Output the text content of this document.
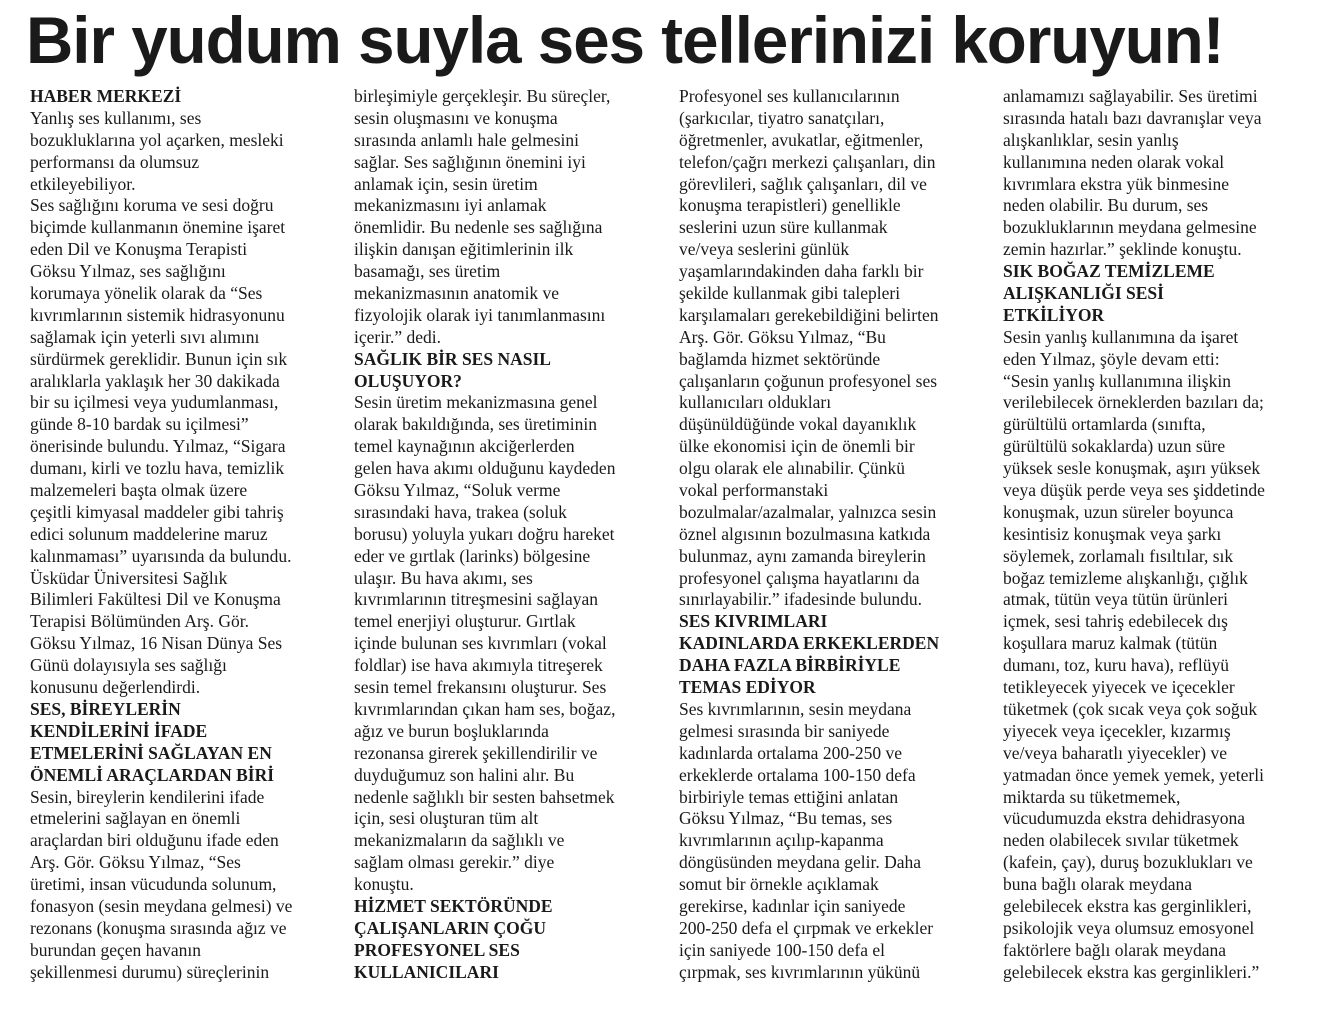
Bir yudum suyla ses tellerinizi koruyun!
HABER MERKEZİ
Yanlış ses kullanımı, ses
bozukluklarına yol açarken, mesleki
performansı da olumsuz
etkileyebiliyor.
Ses sağlığını koruma ve sesi doğru
biçimde kullanmanın önemine işaret
eden Dil ve Konuşma Terapisti
Göksu Yılmaz, ses sağlığını
korumaya yönelik olarak da “Ses
kıvrımlarının sistemik hidrasyonunu
sağlamak için yeterli sıvı alımını
sürdürmek gereklidir. Bunun için sık
aralıklarla yaklaşık her 30 dakikada
bir su içilmesi veya yudumlanması,
günde 8-10 bardak su içilmesi”
önerisinde bulundu. Yılmaz, “Sigara
dumanı, kirli ve tozlu hava, temizlik
malzemeleri başta olmak üzere
çeşitli kimyasal maddeler gibi tahriş
edici solunum maddelerine maruz
kalınmaması” uyarısında da bulundu.
Üsküdar Üniversitesi Sağlık
Bilimleri Fakültesi Dil ve Konuşma
Terapisi Bölümünden Arş. Gör.
Göksu Yılmaz, 16 Nisan Dünya Ses
Günü dolayısıyla ses sağlığı
konusunu değerlendirdi.
SES, BİREYLERİN
KENDİLERİNİ İFADE
ETMELERİNİ SAĞLAYAN EN
ÖNEMLİ ARAÇLARDAN BİRİ
Sesin, bireylerin kendilerini ifade
etmelerini sağlayan en önemli
araçlardan biri olduğunu ifade eden
Arş. Gör. Göksu Yılmaz, “Ses
üretimi, insan vücudunda solunum,
fonasyon (sesin meydana gelmesi) ve
rezonans (konuşma sırasında ağız ve
burundan geçen havanın
şekillenmesi durumu) süreçlerinin
birleşimiyle gerçekleşir. Bu süreçler,
sesin oluşmasını ve konuşma
sırasında anlamlı hale gelmesini
sağlar. Ses sağlığının önemini iyi
anlamak için, sesin üretim
mekanizmasını iyi anlamak
önemlidir. Bu nedenle ses sağlığına
ilişkin danışan eğitimlerinin ilk
basamağı, ses üretim
mekanizmasının anatomik ve
fizyolojik olarak iyi tanımlanmasını
içerir.” dedi.
SAĞLIK BİR SES NASIL
OLUŞUYOR?
Sesin üretim mekanizmasına genel
olarak bakıldığında, ses üretiminin
temel kaynağının akciğerlerden
gelen hava akımı olduğunu kaydeden
Göksu Yılmaz, “Soluk verme
sırasındaki hava, trakea (soluk
borusu) yoluyla yukarı doğru hareket
eder ve gırtlak (larinks) bölgesine
ulaşır. Bu hava akımı, ses
kıvrımlarının titreşmesini sağlayan
temel enerjiyi oluşturur. Gırtlak
içinde bulunan ses kıvrımları (vokal
foldlar) ise hava akımıyla titreşerek
sesin temel frekansını oluşturur. Ses
kıvrımlarından çıkan ham ses, boğaz,
ağız ve burun boşluklarında
rezonansa girerek şekillendirilir ve
duyduğumuz son halini alır. Bu
nedenle sağlıklı bir sesten bahsetmek
için, sesi oluşturan tüm alt
mekanizmaların da sağlıklı ve
sağlam olması gerekir.” diye
konuştu.
HİZMET SEKTÖRÜNDE
ÇALIŞANLARIN ÇOĞU
PROFESYONEL SES
KULLANICILARI
Profesyonel ses kullanıcılarının
(şarkıcılar, tiyatro sanatçıları,
öğretmenler, avukatlar, eğitmenler,
telefon/çağrı merkezi çalışanları, din
görevlileri, sağlık çalışanları, dil ve
konuşma terapistleri) genellikle
seslerini uzun süre kullanmak
ve/veya seslerini günlük
yaşamlarındakinden daha farklı bir
şekilde kullanmak gibi talepleri
karşılamaları gerekebildiğini belirten
Arş. Gör. Göksu Yılmaz, “Bu
bağlamda hizmet sektöründe
çalışanların çoğunun profesyonel ses
kullanıcıları oldukları
düşünüldüğünde vokal dayanıklık
ülke ekonomisi için de önemli bir
olgu olarak ele alınabilir. Çünkü
vokal performanstaki
bozulmalar/azalmalar, yalnızca sesin
öznel algısının bozulmasına katkıda
bulunmaz, aynı zamanda bireylerin
profesyonel çalışma hayatlarını da
sınırlayabilir.” ifadesinde bulundu.
SES KIVRIMLARI
KADINLARDA ERKEKLERDEN
DAHA FAZLA BİRBİRİYLE
TEMAS EDİYOR
Ses kıvrımlarının, sesin meydana
gelmesi sırasında bir saniyede
kadınlarda ortalama 200-250 ve
erkeklerde ortalama 100-150 defa
birbiriyle temas ettiğini anlatan
Göksu Yılmaz, “Bu temas, ses
kıvrımlarının açılıp-kapanma
döngüsünden meydana gelir. Daha
somut bir örnekle açıklamak
gerekirse, kadınlar için saniyede
200-250 defa el çırpmak ve erkekler
için saniyede 100-150 defa el
çırpmak, ses kıvrımlarının yükünü
anlamamızı sağlayabilir. Ses üretimi
sırasında hatalı bazı davranışlar veya
alışkanlıklar, sesin yanlış
kullanımına neden olarak vokal
kıvrımlara ekstra yük binmesine
neden olabilir. Bu durum, ses
bozukluklarının meydana gelmesine
zemin hazırlar.” şeklinde konuştu.
SIK BOĞAZ TEMİZLEME
ALIŞKANLIĞI SESİ
ETKİLİYOR
Sesin yanlış kullanımına da işaret
eden Yılmaz, şöyle devam etti:
“Sesin yanlış kullanımına ilişkin
verilebilecek örneklerden bazıları da;
gürültülü ortamlarda (sınıfta,
gürültülü sokaklarda) uzun süre
yüksek sesle konuşmak, aşırı yüksek
veya düşük perde veya ses şiddetinde
konuşmak, uzun süreler boyunca
kesintisiz konuşmak veya şarkı
söylemek, zorlamalı fısıltılar, sık
boğaz temizleme alışkanlığı, çığlık
atmak, tütün veya tütün ürünleri
içmek, sesi tahriş edebilecek dış
koşullara maruz kalmak (tütün
dumanı, toz, kuru hava), reflüyü
tetikleyecek yiyecek ve içecekler
tüketmek (çok sıcak veya çok soğuk
yiyecek veya içecekler, kızarmış
ve/veya baharatlı yiyecekler) ve
yatmadan önce yemek yemek, yeterli
miktarda su tüketmemek,
vücudumuzda ekstra dehidrasyona
neden olabilecek sıvılar tüketmek
(kafein, çay), duruş bozuklukları ve
buna bağlı olarak meydana
gelebilecek ekstra kas gerginlikleri,
psikolojik veya olumsuz emosyonel
faktörlere bağlı olarak meydana
gelebilecek ekstra kas gerginlikleri.”
